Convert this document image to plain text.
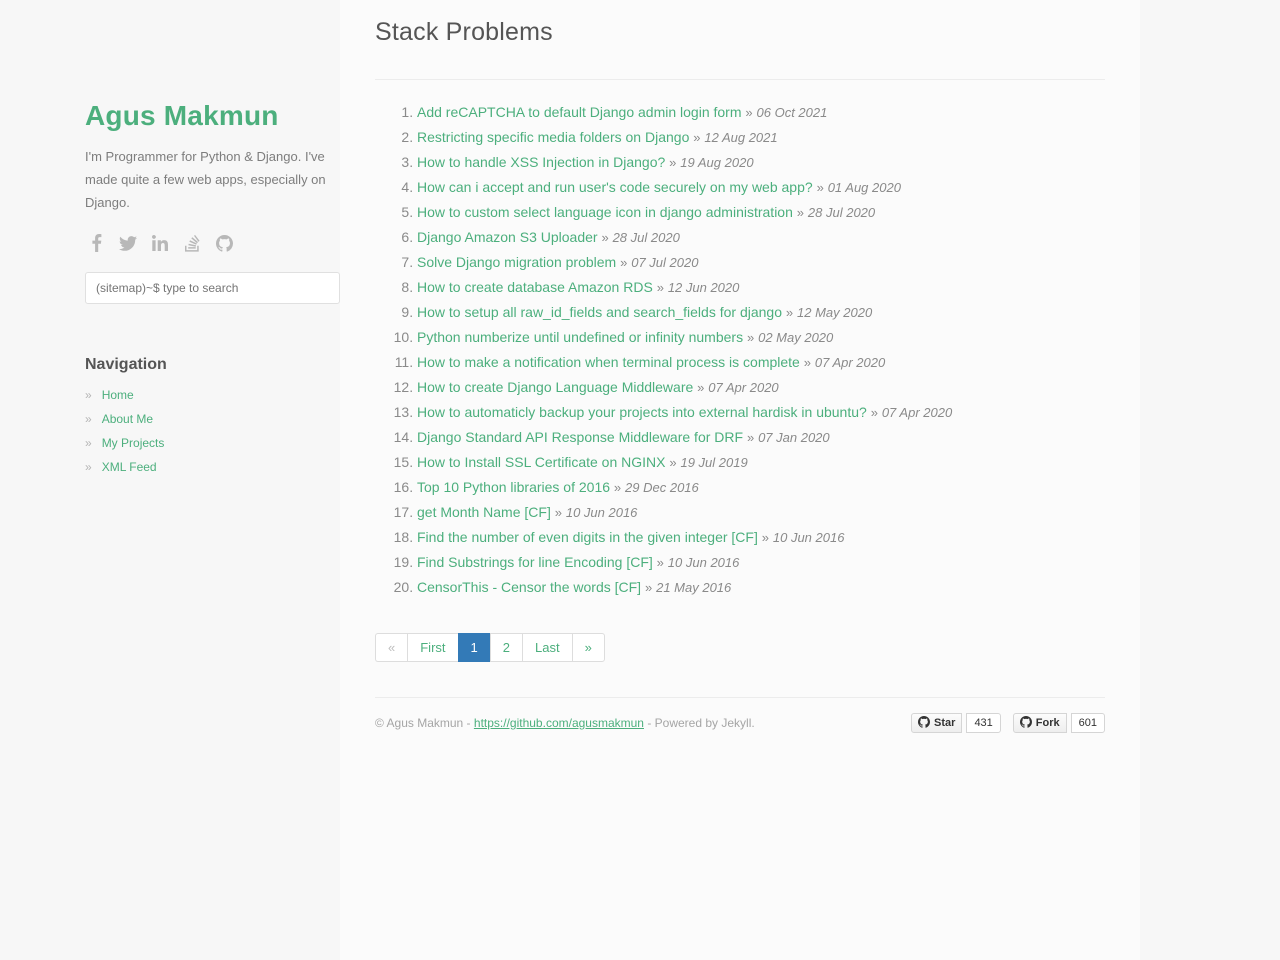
Agus Makmun

I'm Programmer for Python & Django. I've made quite a few web apps, especially on Django.

(sitemap)~$ type to search
Navigation
» Home
» About Me
» My Projects
» XML Feed
Stack Problems
1. Add reCAPTCHA to default Django admin login form » 06 Oct 2021
2. Restricting specific media folders on Django » 12 Aug 2021
3. How to handle XSS Injection in Django? » 19 Aug 2020
4. How can i accept and run user's code securely on my web app? » 01 Aug 2020
5. How to custom select language icon in django administration » 28 Jul 2020
6. Django Amazon S3 Uploader » 28 Jul 2020
7. Solve Django migration problem » 07 Jul 2020
8. How to create database Amazon RDS » 12 Jun 2020
9. How to setup all raw_id_fields and search_fields for django » 12 May 2020
10. Python numberize until undefined or infinity numbers » 02 May 2020
11. How to make a notification when terminal process is complete » 07 Apr 2020
12. How to create Django Language Middleware » 07 Apr 2020
13. How to automaticly backup your projects into external hardisk in ubuntu? » 07 Apr 2020
14. Django Standard API Response Middleware for DRF » 07 Jan 2020
15. How to Install SSL Certificate on NGINX » 19 Jul 2019
16. Top 10 Python libraries of 2016 » 29 Dec 2016
17. get Month Name [CF] » 10 Jun 2016
18. Find the number of even digits in the given integer [CF] » 10 Jun 2016
19. Find Substrings for line Encoding [CF] » 10 Jun 2016
20. CensorThis - Censor the words [CF] » 21 May 2016
«	First	1	2	Last	»
© Agus Makmun - https://github.com/agusmakmun - Powered by Jekyll.	Star	431	Fork	601
